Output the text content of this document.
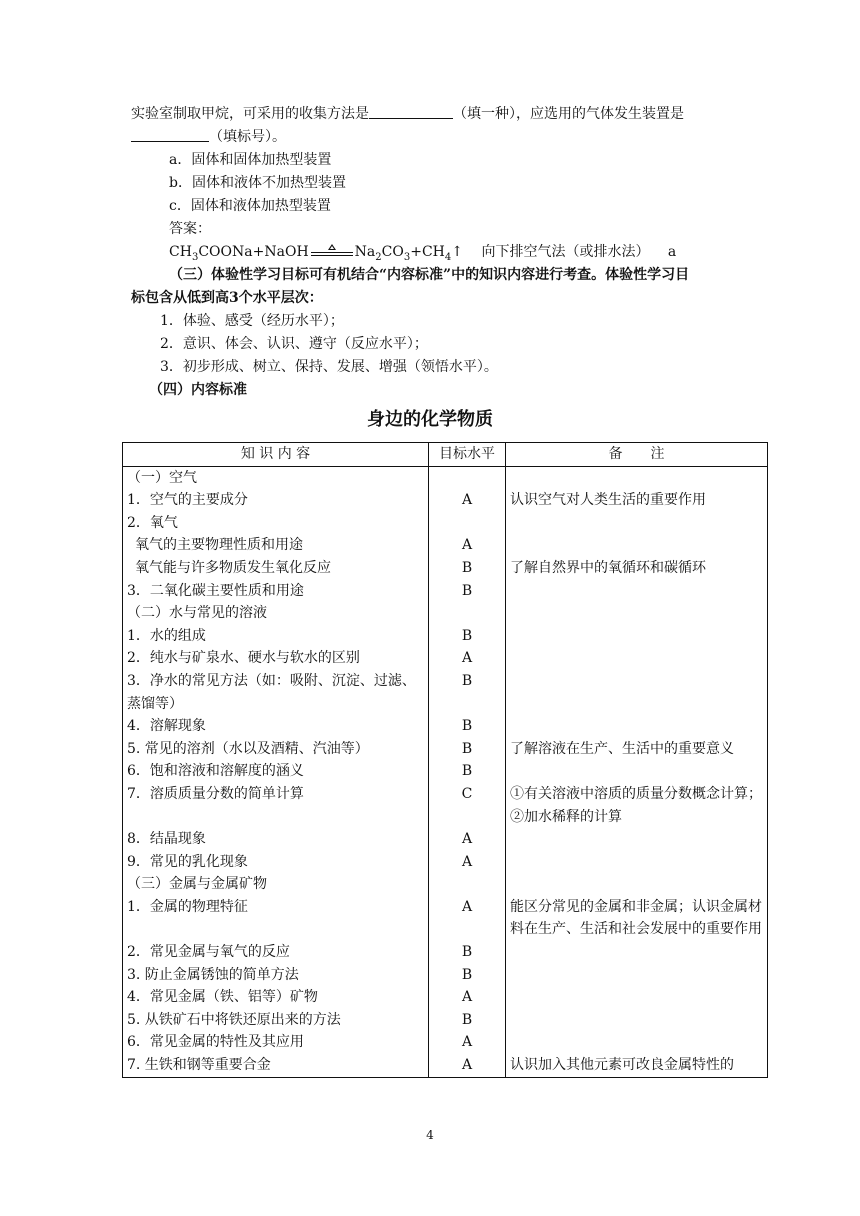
实验室制取甲烷，可采用的收集方法是	（填一种），应选用的气体发生装置是
（填标号）。
a．固体和固体加热型装置
b．固体和液体不加热型装置
c．固体和液体加热型装置
答案：
$CH_3COONa+NaOH$	$Na_2CO_3+CH_4↑$ 向下排空气法（或排水法） a
（三）体验性学习目标可有机结合“内容标准”中的知识内容进行考查。体验性学习目
标包含从低到高3个水平层次：
1．体验、感受（经历水平）；
2．意识、体会、认识、遵守（反应水平）；
3．初步形成、树立、保持、发展、增强（领悟水平）。
（四）内容标准
身边的化学物质
知 识 内 容	目标水平	备　　注
（一）空气		
1．空气的主要成分	A	认识空气对人类生活的重要作用
2．氧气		
氧气的主要物理性质和用途	A	
氧气能与许多物质发生氧化反应	B	了解自然界中的氧循环和碳循环
3．二氧化碳主要性质和用途	B	
（二）水与常见的溶液		
1．水的组成	B	
2．纯水与矿泉水、硬水与软水的区别	A	
3．净水的常见方法（如：吸附、沉淀、过滤、蒸馏等）	B	
4．溶解现象	B	
5. 常见的溶剂（水以及酒精、汽油等）	B	了解溶液在生产、生活中的重要意义
6．饱和溶液和溶解度的涵义	B	
7．溶质质量分数的简单计算	C	①有关溶液中溶质的质量分数概念计算；②加水稀释的计算
8．结晶现象	A	
9．常见的乳化现象	A	
（三）金属与金属矿物		
1．金属的物理特征	A	能区分常见的金属和非金属；认识金属材料在生产、生活和社会发展中的重要作用
2．常见金属与氧气的反应	B	
3. 防止金属锈蚀的简单方法	B	
4．常见金属（铁、铝等）矿物	A	
5. 从铁矿石中将铁还原出来的方法	B	
6．常见金属的特性及其应用	A	
7. 生铁和钢等重要合金	A	认识加入其他元素可改良金属特性的
4
